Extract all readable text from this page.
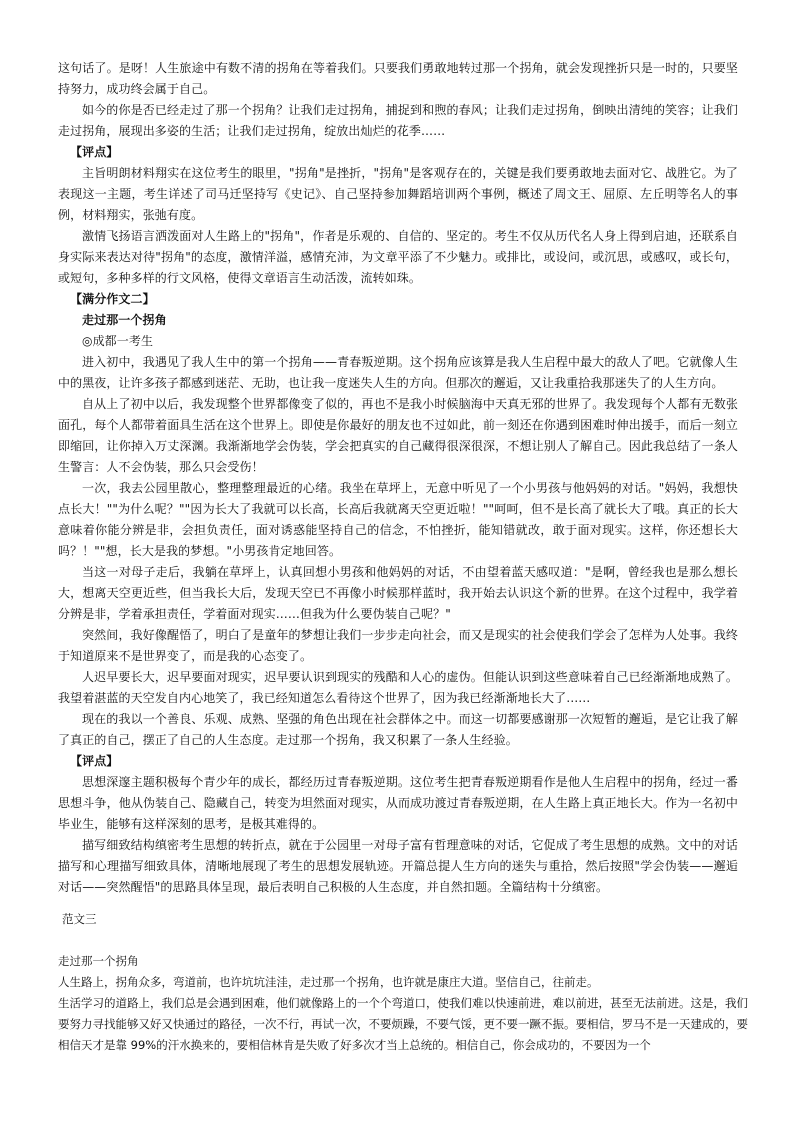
这句话了。是呀！人生旅途中有数不清的拐角在等着我们。只要我们勇敢地转过那一个拐角，就会发现挫折只是一时的，只要坚持努力，成功终会属于自己。
如今的你是否已经走过了那一个拐角？让我们走过拐角，捕捉到和煦的春风；让我们走过拐角，倒映出清纯的笑容；让我们走过拐角，展现出多姿的生活；让我们走过拐角，绽放出灿烂的花季……
【评点】
主旨明朗材料翔实在这位考生的眼里，"拐角"是挫折，"拐角"是客观存在的，关键是我们要勇敢地去面对它、战胜它。为了表现这一主题，考生详述了司马迁坚持写《史记》、自己坚持参加舞蹈培训两个事例，概述了周文王、屈原、左丘明等名人的事例，材料翔实，张弛有度。
激情飞扬语言洒泼面对人生路上的"拐角"，作者是乐观的、自信的、坚定的。考生不仅从历代名人身上得到启迪，还联系自身实际来表达对待"拐角"的态度，激情洋溢，感情充沛，为文章平添了不少魅力。或排比，或设问，或沉思，或感叹，或长句，或短句，多种多样的行文风格，使得文章语言生动活泼，流转如珠。
【满分作文二】
走过那一个拐角
◎成都一考生
进入初中，我遇见了我人生中的第一个拐角——青春叛逆期。这个拐角应该算是我人生启程中最大的敌人了吧。它就像人生中的黑夜，让许多孩子都感到迷茫、无助，也让我一度迷失人生的方向。但那次的邂逅，又让我重拾我那迷失了的人生方向。
自从上了初中以后，我发现整个世界都像变了似的，再也不是我小时候脑海中天真无邪的世界了。我发现每个人都有无数张面孔，每个人都带着面具生活在这个世界上。即使是你最好的朋友也不过如此，前一刻还在你遇到困难时伸出援手，而后一刻立即缩回，让你掉入万丈深渊。我渐渐地学会伪装，学会把真实的自己藏得很深很深，不想让别人了解自己。因此我总结了一条人生警言：人不会伪装，那么只会受伤！
一次，我去公园里散心，整理整理最近的心绪。我坐在草坪上，无意中听见了一个小男孩与他妈妈的对话。"妈妈，我想快点长大！""为什么呢？""因为长大了我就可以长高，长高后我就离天空更近啦！""呵呵，但不是长高了就长大了哦。真正的长大意味着你能分辨是非，会担负责任，面对诱惑能坚持自己的信念，不怕挫折，能知错就改，敢于面对现实。这样，你还想长大吗？！""想，长大是我的梦想。"小男孩肯定地回答。
当这一对母子走后，我躺在草坪上，认真回想小男孩和他妈妈的对话，不由望着蓝天感叹道："是啊，曾经我也是那么想长大，想离天空更近些，但当我长大后，发现天空已不再像小时候那样蓝时，我开始去认识这个新的世界。在这个过程中，我学着分辨是非，学着承担责任，学着面对现实……但我为什么要伪装自己呢？"
突然间，我好像醒悟了，明白了是童年的梦想让我们一步步走向社会，而又是现实的社会使我们学会了怎样为人处事。我终于知道原来不是世界变了，而是我的心态变了。
人迟早要长大，迟早要面对现实，迟早要认识到现实的残酷和人心的虚伪。但能认识到这些意味着自己已经渐渐地成熟了。我望着湛蓝的天空发自内心地笑了，我已经知道怎么看待这个世界了，因为我已经渐渐地长大了……
现在的我以一个善良、乐观、成熟、坚强的角色出现在社会群体之中。而这一切都要感谢那一次短暂的邂逅，是它让我了解了真正的自己，摆正了自己的人生态度。走过那一个拐角，我又积累了一条人生经验。
【评点】
思想深邃主题积极每个青少年的成长，都经历过青春叛逆期。这位考生把青春叛逆期看作是他人生启程中的拐角，经过一番思想斗争，他从伪装自己、隐藏自己，转变为坦然面对现实，从而成功渡过青春叛逆期，在人生路上真正地长大。作为一名初中毕业生，能够有这样深刻的思考，是极其难得的。
描写细致结构缜密考生思想的转折点，就在于公园里一对母子富有哲理意味的对话，它促成了考生思想的成熟。文中的对话描写和心理描写细致具体，清晰地展现了考生的思想发展轨迹。开篇总提人生方向的迷失与重拾，然后按照"学会伪装——邂逅对话——突然醒悟"的思路具体呈现，最后表明自己积极的人生态度，并自然扣题。全篇结构十分缜密。
范文三
走过那一个拐角
人生路上，拐角众多，弯道前，也许坑坑洼洼，走过那一个拐角，也许就是康庄大道。坚信自己，往前走。
生活学习的道路上，我们总是会遇到困难，他们就像路上的一个个弯道口，使我们难以快速前进，难以前进，甚至无法前进。这是，我们要努力寻找能够又好又快通过的路径，一次不行，再试一次，不要烦躁，不要气馁，更不要一蹶不振。要相信，罗马不是一天建成的，要相信天才是靠 99%的汗水换来的，要相信林肯是失败了好多次才当上总统的。相信自己，你会成功的，不要因为一个
